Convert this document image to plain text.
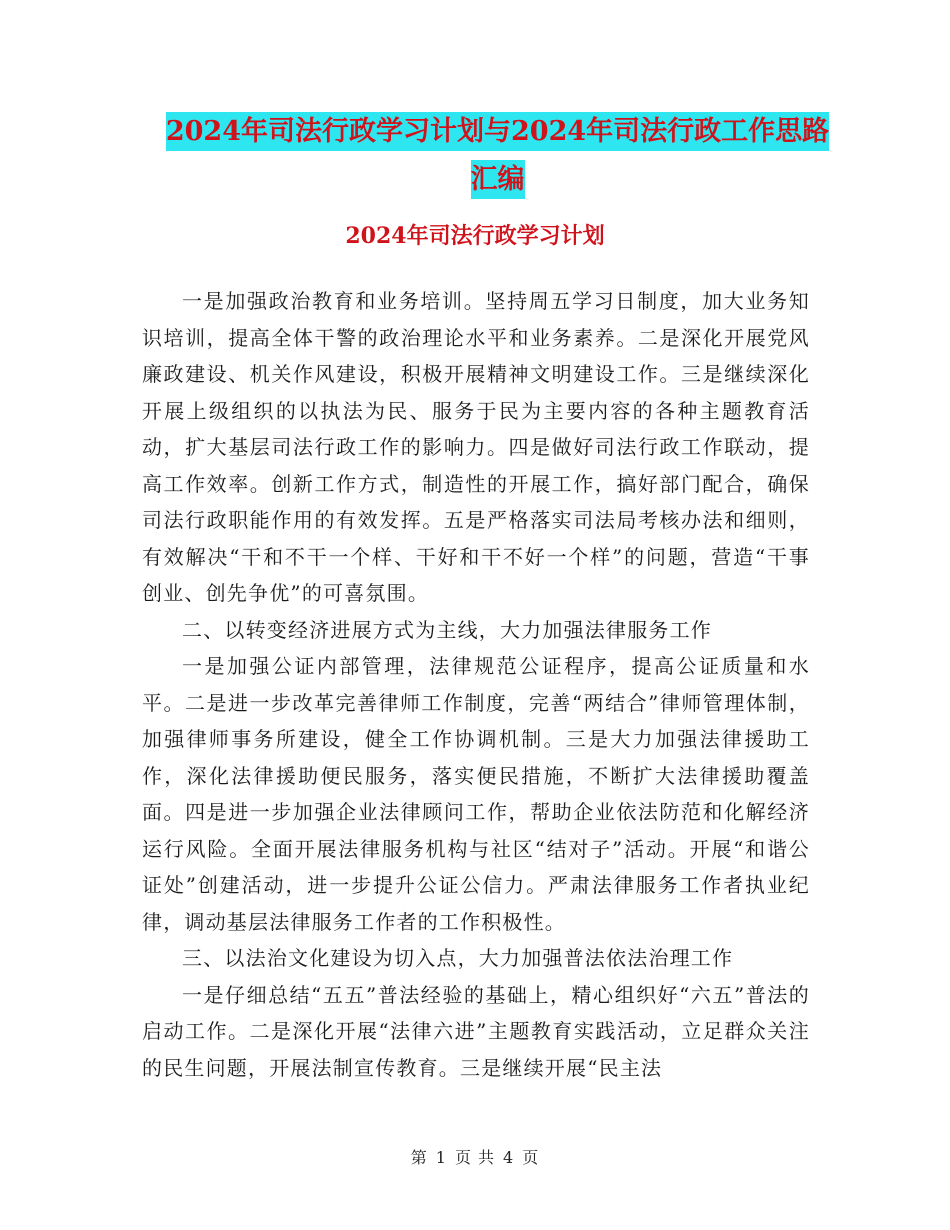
2024年司法行政学习计划与2024年司法行政工作思路
汇编
2024年司法行政学习计划

一是加强政治教育和业务培训。坚持周五学习日制度，加大业务知识培训，提高全体干警的政治理论水平和业务素养。二是深化开展党风廉政建设、机关作风建设，积极开展精神文明建设工作。三是继续深化开展上级组织的以执法为民、服务于民为主要内容的各种主题教育活动，扩大基层司法行政工作的影响力。四是做好司法行政工作联动，提高工作效率。创新工作方式，制造性的开展工作，搞好部门配合，确保司法行政职能作用的有效发挥。五是严格落实司法局考核办法和细则，有效解决“干和不干一个样、干好和干不好一个样”的问题，营造“干事创业、创先争优”的可喜氛围。

二、以转变经济进展方式为主线，大力加强法律服务工作

一是加强公证内部管理，法律规范公证程序，提高公证质量和水平。二是进一步改革完善律师工作制度，完善“两结合”律师管理体制，加强律师事务所建设，健全工作协调机制。三是大力加强法律援助工作，深化法律援助便民服务，落实便民措施，不断扩大法律援助覆盖面。四是进一步加强企业法律顾问工作，帮助企业依法防范和化解经济运行风险。全面开展法律服务机构与社区“结对子”活动。开展“和谐公证处”创建活动，进一步提升公证公信力。严肃法律服务工作者执业纪律，调动基层法律服务工作者的工作积极性。

三、以法治文化建设为切入点，大力加强普法依法治理工作

一是仔细总结“五五”普法经验的基础上，精心组织好“六五”普法的启动工作。二是深化开展“法律六进”主题教育实践活动，立足群众关注的民生问题，开展法制宣传教育。三是继续开展“民主法

第 1 页 共 4 页
